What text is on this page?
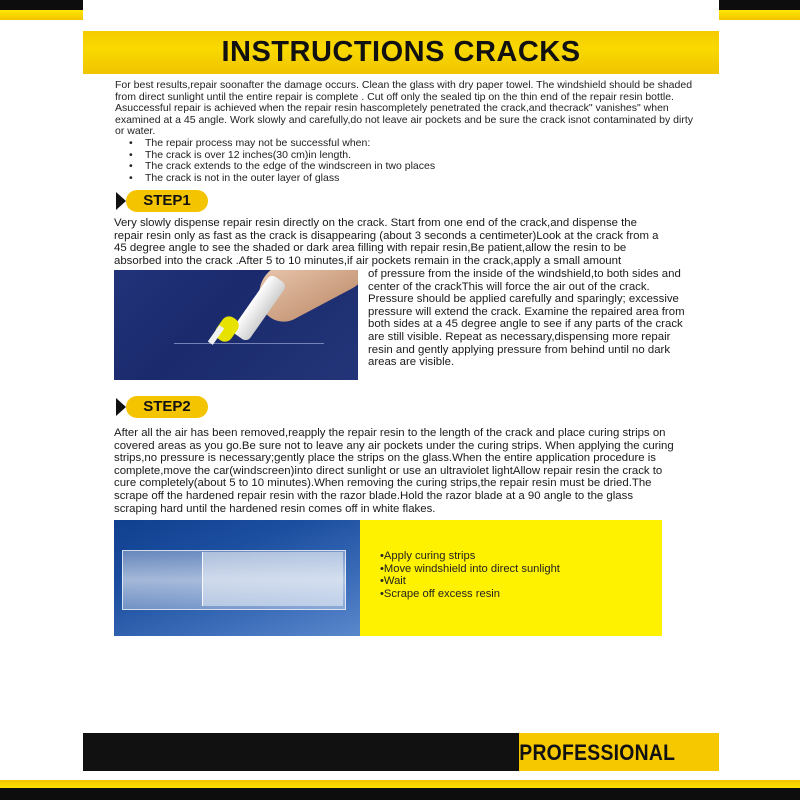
INSTRUCTIONS CRACKS

For best results,repair soonafter the damage occurs. Clean the glass with dry paper towel. The windshield should be shaded from direct sunlight until the entire repair is complete . Cut off only the sealed tip on the thin end of the repair resin bottle. Asuccessful repair is achieved when the repair resin hascompletely penetrated the crack,and thecrack" vanishes" when examined at a 45 angle. Work slowly and carefully,do not leave air pockets and be sure the crack isnot contaminated by dirty or water.

• The repair process may not be successful when:
• The crack is over 12 inches(30 cm)in length.
• The crack extends to the edge of the windscreen in two places
• The crack is not in the outer layer of glass
STEP1
Very slowly dispense repair resin directly on the crack. Start from one end of the crack,and dispense the repair resin only as fast as the crack is disappearing (about 3 seconds a centimeter)Look at the crack from a 45 degree angle to see the shaded or dark area filling with repair resin,Be patient,allow the resin to be absorbed into the crack .After 5 to 10 minutes,if air pockets remain in the crack,apply a small amount
of pressure from the inside of the windshield,to both sides and center of the crackThis will force the air out of the crack. Pressure should be applied carefully and sparingly; excessive pressure will extend the crack. Examine the repaired area from both sides at a 45 degree angle to see if any parts of the crack are still visible. Repeat as necessary,dispensing more repair resin and gently applying pressure from behind until no dark areas are visible.
STEP2
After all the air has been removed,reapply the repair resin to the length of the crack and place curing strips on covered areas as you go.Be sure not to leave any air pockets under the curing strips. When applying the curing strips,no pressure is necessary;gently place the strips on the glass.When the entire application procedure is complete,move the car(windscreen)into direct sunlight or use an ultraviolet lightAllow repair resin the crack to cure completely(about 5 to 10 minutes).When removing the curing strips,the repair resin must be dried.The scrape off the hardened repair resin with the razor blade.Hold the razor blade at a 90 angle to the glass scraping hard until the hardened resin comes off in white flakes.
• Apply curing strips
• Move windshield into direct sunlight
• Wait
• Scrape off excess resin
PROFESSIONAL
